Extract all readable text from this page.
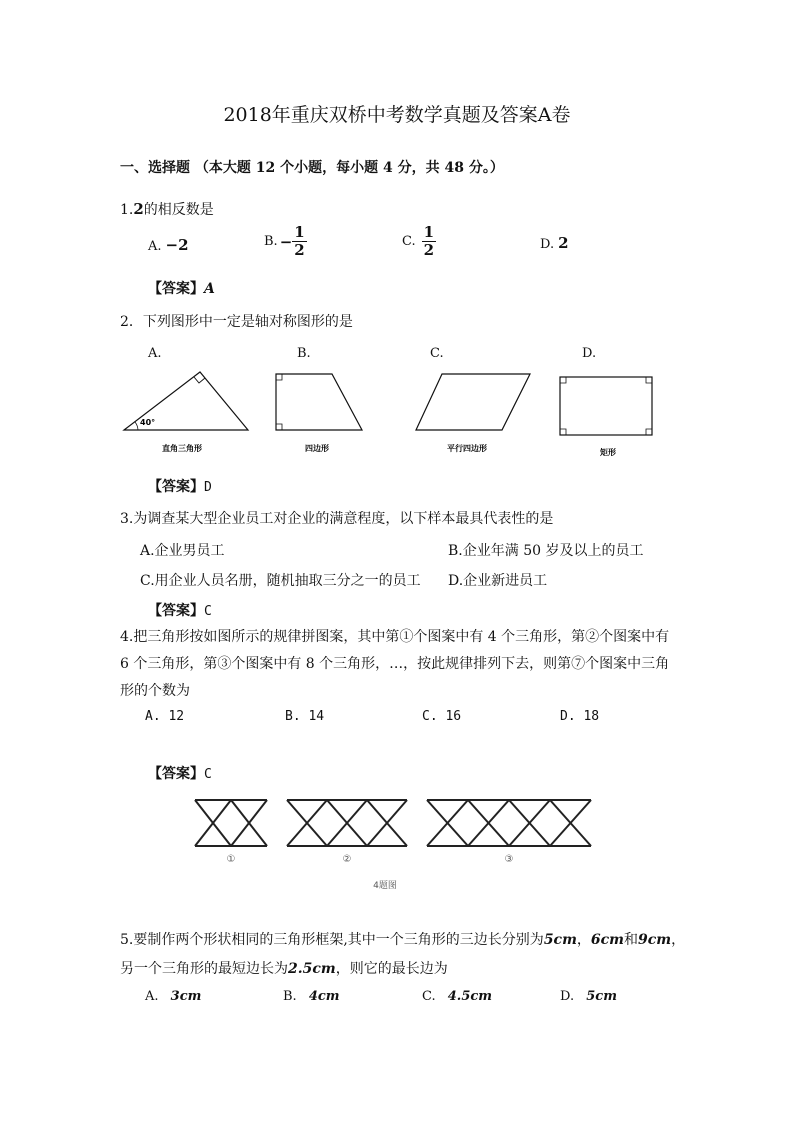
2018年重庆双桥中考数学真题及答案A卷
一、选择题 （本大题 12 个小题，每小题 4 分，共 48 分。）
1.2的相反数是
A. −2	B. − $\frac{1}{2}$	C. $\frac{1}{2}$	D. 2
【答案】A
2．下列图形中一定是轴对称图形的是
A.	B.	C.	D.
40°
直角三角形	四边形	平行四边形	矩形
【答案】D
3.为调查某大型企业员工对企业的满意程度，以下样本最具代表性的是
A.企业男员工	B.企业年满 50 岁及以上的员工
C.用企业人员名册，随机抽取三分之一的员工 D.企业新进员工
【答案】C
4.把三角形按如图所示的规律拼图案，其中第①个图案中有 4 个三角形，第②个图案中有
6 个三角形，第③个图案中有 8 个三角形，…，按此规律排列下去，则第⑦个图案中三角
形的个数为
A. 12	B. 14	C. 16	D. 18
【答案】C
①	②	③
4题图
5.要制作两个形状相同的三角形框架,其中一个三角形的三边长分别为5cm，6cm和9cm，
另一个三角形的最短边长为2.5cm，则它的最长边为
A. 3cm	B. 4cm	C. 4.5cm	D. 5cm
